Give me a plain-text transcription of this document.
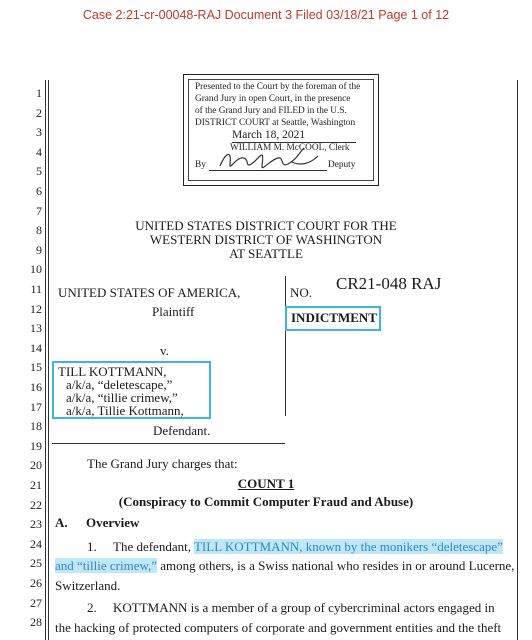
Case 2:21-cr-00048-RAJ Document 3 Filed 03/18/21 Page 1 of 12
1
2
3
4
5
6
7
8
9
10
11
12
13
14
15
16
17
18
19
20
21
22
23
24
25
26
27
28
Presented to the Court by the foreman of the
Grand Jury in open Court, in the presence
of the Grand Jury and FILED in the U.S.
DISTRICT COURT at Seattle, Washington
March 18, 2021
WILLIAM M. McCOOL, Clerk
By	Deputy
UNITED STATES DISTRICT COURT FOR THE
WESTERN DISTRICT OF WASHINGTON
AT SEATTLE
UNITED STATES OF AMERICA,
Plaintiff
NO. CR21-048 RAJ
INDICTMENT
v.
TILL KOTTMANN,
a/k/a, “deletescape,”
a/k/a, “tillie crimew,”
a/k/a, Tillie Kottmann,
Defendant.
The Grand Jury charges that:
COUNT 1
(Conspiracy to Commit Computer Fraud and Abuse)
A. Overview
1. The defendant, TILL KOTTMANN, known by the monikers “deletescape”
and “tillie crimew,” among others, is a Swiss national who resides in or around Lucerne,
Switzerland.
2. KOTTMANN is a member of a group of cybercriminal actors engaged in
the hacking of protected computers of corporate and government entities and the theft
